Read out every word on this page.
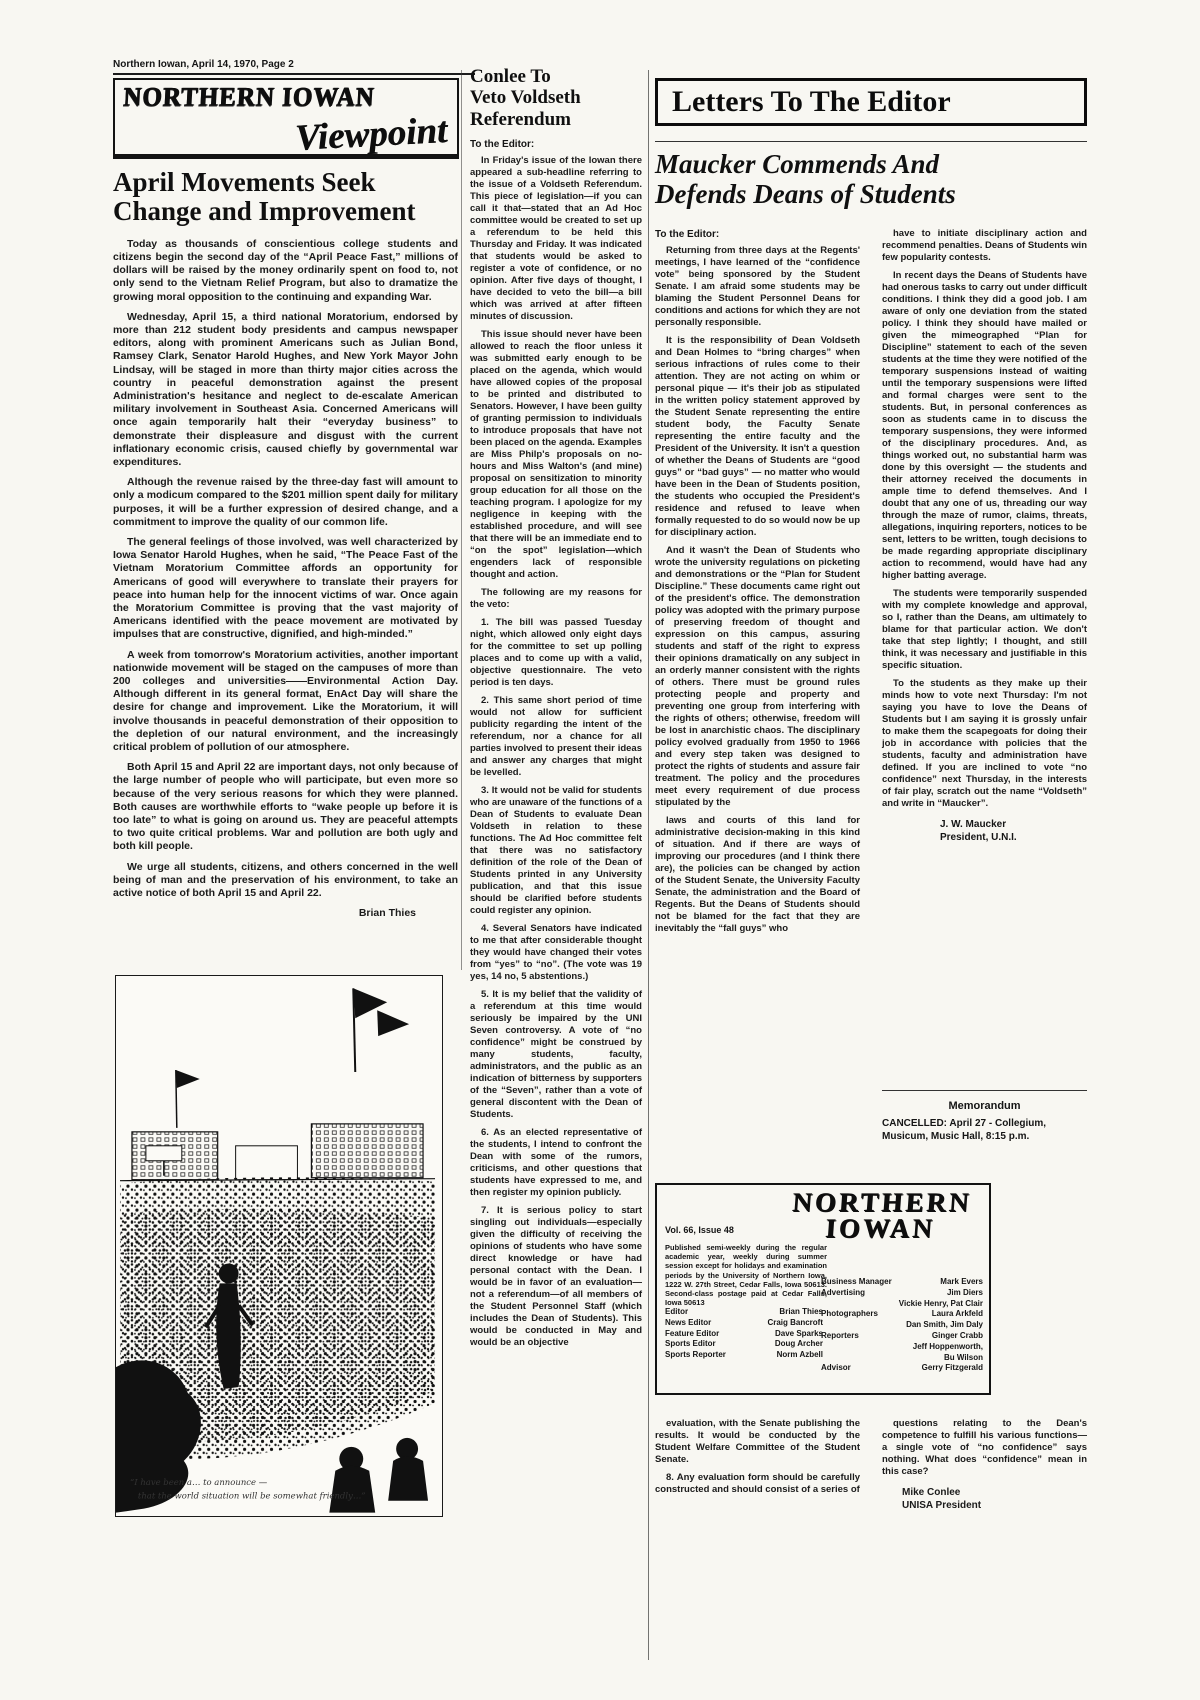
Northern Iowan, April 14, 1970, Page 2
NORTHERN IOWAN
Viewpoint
April Movements Seek Change and Improvement

Today as thousands of conscientious college students and citizens begin the second day of the “April Peace Fast,” millions of dollars will be raised by the money ordinarily spent on food to, not only send to the Vietnam Relief Program, but also to dramatize the growing moral opposition to the continuing and expanding War.

Wednesday, April 15, a third national Moratorium, endorsed by more than 212 student body presidents and campus newspaper editors, along with prominent Americans such as Julian Bond, Ramsey Clark, Senator Harold Hughes, and New York Mayor John Lindsay, will be staged in more than thirty major cities across the country in peaceful demonstration against the present Administration's hesitance and neglect to de-escalate American military involvement in Southeast Asia. Concerned Americans will once again temporarily halt their “everyday business” to demonstrate their displeasure and disgust with the current inflationary economic crisis, caused chiefly by governmental war expenditures.

Although the revenue raised by the three-day fast will amount to only a modicum compared to the $201 million spent daily for military purposes, it will be a further expression of desired change, and a commitment to improve the quality of our common life.

The general feelings of those involved, was well characterized by Iowa Senator Harold Hughes, when he said, “The Peace Fast of the Vietnam Moratorium Committee affords an opportunity for Americans of good will everywhere to translate their prayers for peace into human help for the innocent victims of war. Once again the Moratorium Committee is proving that the vast majority of Americans identified with the peace movement are motivated by impulses that are constructive, dignified, and high-minded.”

A week from tomorrow's Moratorium activities, another important nationwide movement will be staged on the campuses of more than 200 colleges and universities——Environmental Action Day. Although different in its general format, EnAct Day will share the desire for change and improvement. Like the Moratorium, it will involve thousands in peaceful demonstration of their opposition to the depletion of our natural environment, and the increasingly critical problem of pollution of our atmosphere.

Both April 15 and April 22 are important days, not only because of the large number of people who will participate, but even more so because of the very serious reasons for which they were planned. Both causes are worthwhile efforts to “wake people up before it is too late” to what is going on around us. They are peaceful attempts to two quite critical problems. War and pollution are both ugly and both kill people.

We urge all students, citizens, and others concerned in the well being of man and the preservation of his environment, to take an active notice of both April 15 and April 22.

Brian Thies

“I have been a… to announce —
that the world situation will be somewhat friendly…”
Conlee To
Veto Voldseth
Referendum
To the Editor:

In Friday's issue of the Iowan there appeared a sub-headline referring to the issue of a Voldseth Referendum. This piece of legislation—if you can call it that—stated that an Ad Hoc committee would be created to set up a referendum to be held this Thursday and Friday. It was indicated that students would be asked to register a vote of confidence, or no opinion. After five days of thought, I have decided to veto the bill—a bill which was arrived at after fifteen minutes of discussion.

This issue should never have been allowed to reach the floor unless it was submitted early enough to be placed on the agenda, which would have allowed copies of the proposal to be printed and distributed to Senators. However, I have been guilty of granting permission to individuals to introduce proposals that have not been placed on the agenda. Examples are Miss Philp's proposals on no-hours and Miss Walton's (and mine) proposal on sensitization to minority group education for all those on the teaching program. I apologize for my negligence in keeping with the established procedure, and will see that there will be an immediate end to “on the spot” legislation—which engenders lack of responsible thought and action.

The following are my reasons for the veto:

1. The bill was passed Tuesday night, which allowed only eight days for the committee to set up polling places and to come up with a valid, objective questionnaire. The veto period is ten days.

2. This same short period of time would not allow for sufficient publicity regarding the intent of the referendum, nor a chance for all parties involved to present their ideas and answer any charges that might be levelled.

3. It would not be valid for students who are unaware of the functions of a Dean of Students to evaluate Dean Voldseth in relation to these functions. The Ad Hoc committee felt that there was no satisfactory definition of the role of the Dean of Students printed in any University publication, and that this issue should be clarified before students could register any opinion.

4. Several Senators have indicated to me that after considerable thought they would have changed their votes from “yes” to “no”. (The vote was 19 yes, 14 no, 5 abstentions.)

5. It is my belief that the validity of a referendum at this time would seriously be impaired by the UNI Seven controversy. A vote of “no confidence” might be construed by many students, faculty, administrators, and the public as an indication of bitterness by supporters of the “Seven”, rather than a vote of general discontent with the Dean of Students.

6. As an elected representative of the students, I intend to confront the Dean with some of the rumors, criticisms, and other questions that students have expressed to me, and then register my opinion publicly.

7. It is serious policy to start singling out individuals—especially given the difficulty of receiving the opinions of students who have some direct knowledge or have had personal contact with the Dean. I would be in favor of an evaluation—not a referendum—of all members of the Student Personnel Staff (which includes the Dean of Students). This would be conducted in May and would be an objective

Letters To The Editor
Maucker Commends And
Defends Deans of Students
To the Editor:

Returning from three days at the Regents' meetings, I have learned of the “confidence vote” being sponsored by the Student Senate. I am afraid some students may be blaming the Student Personnel Deans for conditions and actions for which they are not personally responsible.

It is the responsibility of Dean Voldseth and Dean Holmes to “bring charges” when serious infractions of rules come to their attention. They are not acting on whim or personal pique — it's their job as stipulated in the written policy statement approved by the Student Senate representing the entire student body, the Faculty Senate representing the entire faculty and the President of the University. It isn't a question of whether the Deans of Students are “good guys” or “bad guys” — no matter who would have been in the Dean of Students position, the students who occupied the President's residence and refused to leave when formally requested to do so would now be up for disciplinary action.

And it wasn't the Dean of Students who wrote the university regulations on picketing and demonstrations or the “Plan for Student Discipline.” These documents came right out of the president's office. The demonstration policy was adopted with the primary purpose of preserving freedom of thought and expression on this campus, assuring students and staff of the right to express their opinions dramatically on any subject in an orderly manner consistent with the rights of others. There must be ground rules protecting people and property and preventing one group from interfering with the rights of others; otherwise, freedom will be lost in anarchistic chaos. The disciplinary policy evolved gradually from 1950 to 1966 and every step taken was designed to protect the rights of students and assure fair treatment. The policy and the procedures meet every requirement of due process stipulated by the

laws and courts of this land for administrative decision-making in this kind of situation. And if there are ways of improving our procedures (and I think there are), the policies can be changed by action of the Student Senate, the University Faculty Senate, the administration and the Board of Regents. But the Deans of Students should not be blamed for the fact that they are inevitably the “fall guys” who

have to initiate disciplinary action and recommend penalties. Deans of Students win few popularity contests.

In recent days the Deans of Students have had onerous tasks to carry out under difficult conditions. I think they did a good job. I am aware of only one deviation from the stated policy. I think they should have mailed or given the mimeographed “Plan for Discipline” statement to each of the seven students at the time they were notified of the temporary suspensions instead of waiting until the temporary suspensions were lifted and formal charges were sent to the students. But, in personal conferences as soon as students came in to discuss the temporary suspensions, they were informed of the disciplinary procedures. And, as things worked out, no substantial harm was done by this oversight — the students and their attorney received the documents in ample time to defend themselves. And I doubt that any one of us, threading our way through the maze of rumor, claims, threats, allegations, inquiring reporters, notices to be sent, letters to be written, tough decisions to be made regarding appropriate disciplinary action to recommend, would have had any higher batting average.

The students were temporarily suspended with my complete knowledge and approval, so I, rather than the Deans, am ultimately to blame for that particular action. We don't take that step lightly; I thought, and still think, it was necessary and justifiable in this specific situation.

To the students as they make up their minds how to vote next Thursday: I'm not saying you have to love the Deans of Students but I am saying it is grossly unfair to make them the scapegoats for doing their job in accordance with policies that the students, faculty and administration have defined. If you are inclined to vote “no confidence” next Thursday, in the interests of fair play, scratch out the name “Voldseth” and write in “Maucker”.

J. W. Maucker
President, U.N.I.
Memorandum

CANCELLED: April 27 - Collegium, Musicum, Music Hall, 8:15 p.m.

Vol. 66, Issue 48
NORTHERN
IOWAN

Published semi-weekly during the regular academic year, weekly during summer session except for holidays and examination periods by the University of Northern Iowa, 1222 W. 27th Street, Cedar Falls, Iowa 50613. Second-class postage paid at Cedar Falls, Iowa 50613

Editor	Brian Thies
News Editor	Craig Bancroft
Feature Editor	Dave Sparks
Sports Editor	Doug Archer
Sports Reporter	Norm Azbell
Business Manager	Mark Evers
Advertising	Jim Diers
Vickie Henry, Pat Clair
Photographers	Laura Arkfeld
Dan Smith, Jim Daly
Reporters	Ginger Crabb
Jeff Hoppenworth,
Bu Wilson
Advisor	Gerry Fitzgerald

evaluation, with the Senate publishing the results. It would be conducted by the Student Welfare Committee of the Student Senate.

8. Any evaluation form should be carefully constructed and should consist of a series of

questions relating to the Dean's competence to fulfill his various functions—a single vote of “no confidence” says nothing. What does “confidence” mean in this case?

Mike Conlee
UNISA President
